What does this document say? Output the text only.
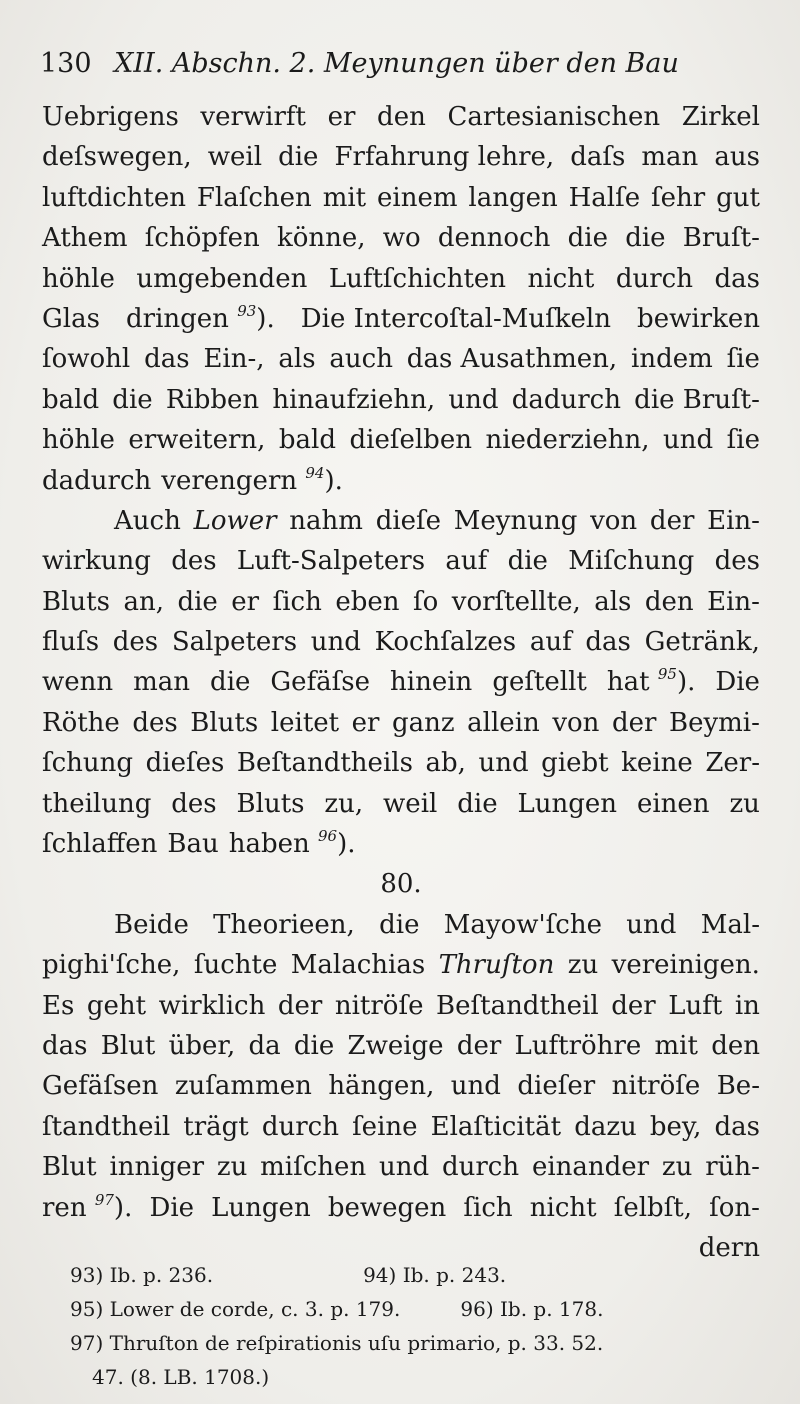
130 XII. Abschn. 2. Meynungen über den Bau
Uebrigens verwirft er den Cartesianischen Zirkel
deſswegen, weil die Frfahrung lehre, daſs man aus
luftdichten Flaſchen mit einem langen Halſe ſehr gut
Athem ſchöpfen könne, wo dennoch die die Bruſt-
höhle umgebenden Luftſchichten nicht durch das
Glas dringen $^{93}$). Die Intercoſtal-Muſkeln bewirken
ſowohl das Ein-, als auch das Ausathmen, indem ſie
bald die Ribben hinaufziehn, und dadurch die Bruſt-
höhle erweitern, bald dieſelben niederziehn, und ſie
dadurch verengern $^{94}$).
Auch Lower nahm dieſe Meynung von der Ein-
wirkung des Luft-Salpeters auf die Miſchung des
Bluts an, die er ſich eben ſo vorſtellte, als den Ein-
fluſs des Salpeters und Kochſalzes auf das Getränk,
wenn man die Gefäſse hinein geſtellt hat $^{95}$). Die
Röthe des Bluts leitet er ganz allein von der Beymi-
ſchung dieſes Beſtandtheils ab, und giebt keine Zer-
theilung des Bluts zu, weil die Lungen einen zu
ſchlaffen Bau haben $^{96}$).
80.
Beide Theorieen, die Mayow'ſche und Mal-
pighi'ſche, ſuchte Malachias Thruſton zu vereinigen.
Es geht wirklich der nitröſe Beſtandtheil der Luft in
das Blut über, da die Zweige der Luftröhre mit den
Gefäſsen zuſammen hängen, und dieſer nitröſe Be-
ſtandtheil trägt durch ſeine Elaſticität dazu bey, das
Blut inniger zu miſchen und durch einander zu rüh-
ren $^{97}$). Die Lungen bewegen ſich nicht ſelbſt, ſon-
dern
93) Ib. p. 236.	94) Ib. p. 243.
95) Lower de corde, c. 3. p. 179.	96) Ib. p. 178.
97) Thruſton de reſpirationis uſu primario, p. 33. 52.
47. (8. LB. 1708.)
